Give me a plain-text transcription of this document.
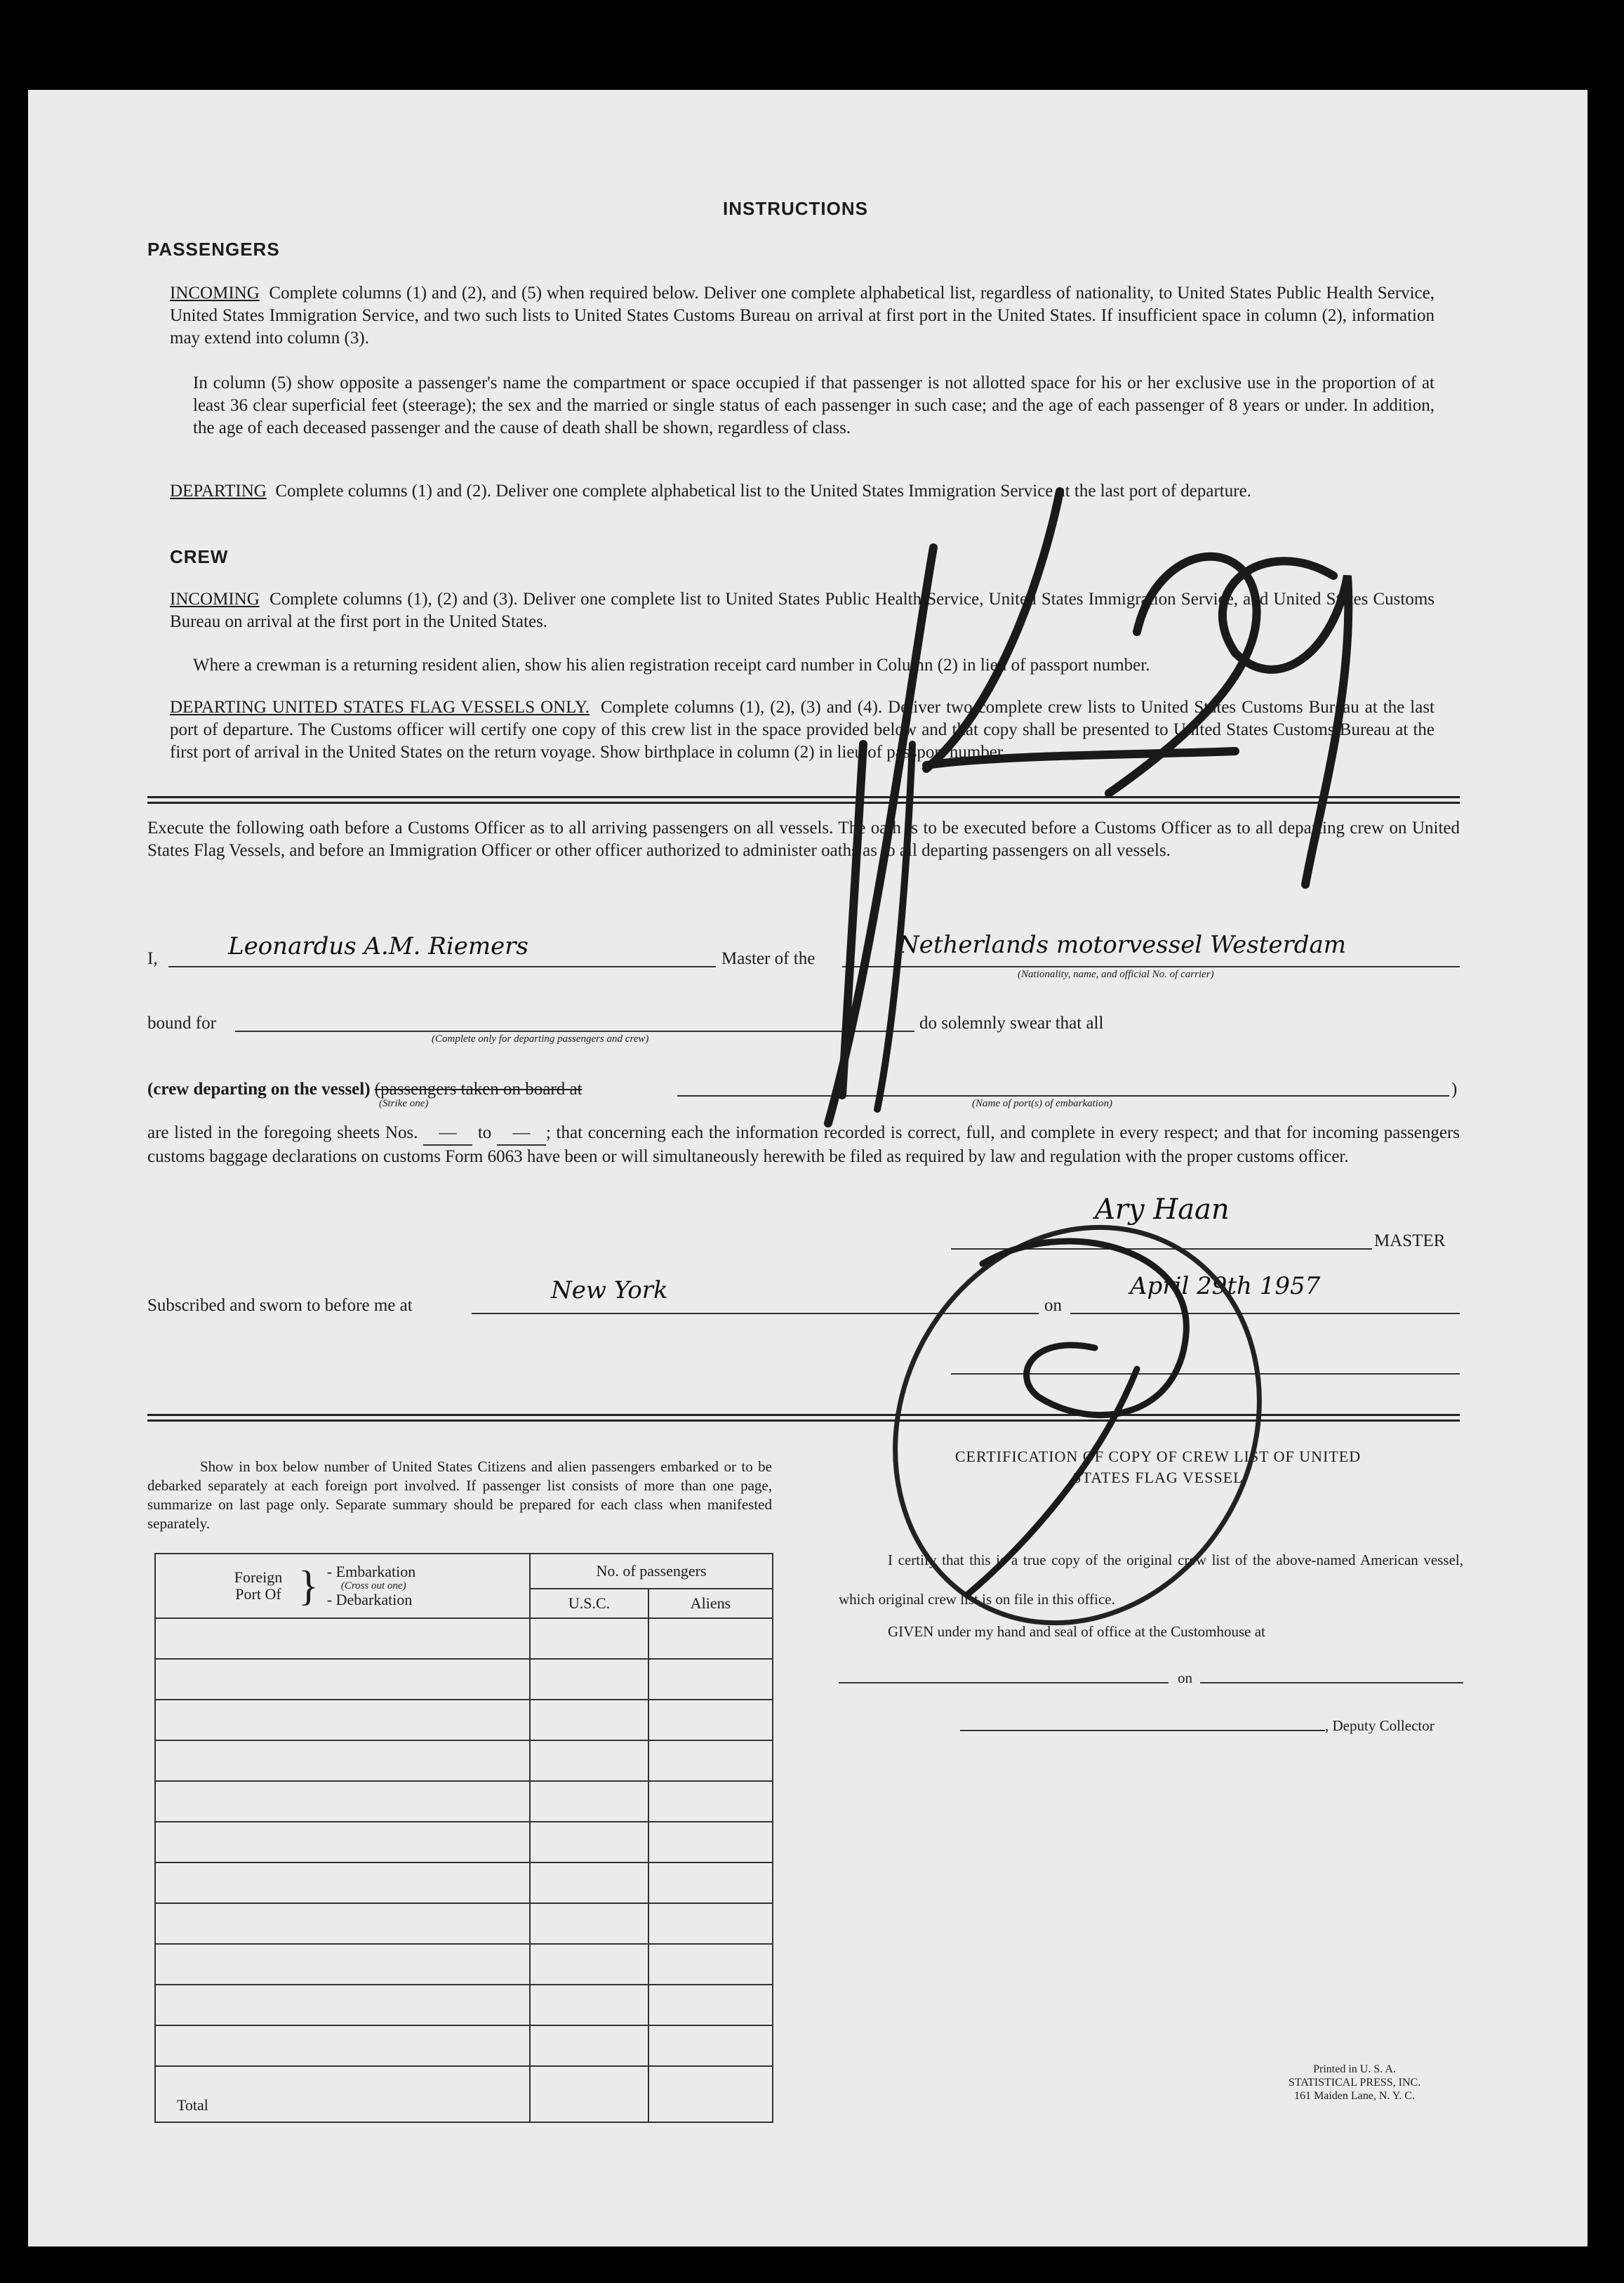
INSTRUCTIONS
PASSENGERS
INCOMING Complete columns (1) and (2), and (5) when required below. Deliver one complete alphabetical list, regardless of nationality, to United States Public Health Service, United States Immigration Service, and two such lists to United States Customs Bureau on arrival at first port in the United States. If insufficient space in column (2), information may extend into column (3).
In column (5) show opposite a passenger's name the compartment or space occupied if that passenger is not allotted space for his or her exclusive use in the proportion of at least 36 clear superficial feet (steerage); the sex and the married or single status of each passenger in such case; and the age of each passenger of 8 years or under. In addition, the age of each deceased passenger and the cause of death shall be shown, regardless of class.
DEPARTING Complete columns (1) and (2). Deliver one complete alphabetical list to the United States Immigration Service at the last port of departure.
CREW
INCOMING Complete columns (1), (2) and (3). Deliver one complete list to United States Public Health Service, United States Immigration Service, and United States Customs Bureau on arrival at the first port in the United States.
Where a crewman is a returning resident alien, show his alien registration receipt card number in Column (2) in lieu of passport number.
DEPARTING UNITED STATES FLAG VESSELS ONLY. Complete columns (1), (2), (3) and (4). Deliver two complete crew lists to United States Customs Bureau at the last port of departure. The Customs officer will certify one copy of this crew list in the space provided below and that copy shall be presented to United States Customs Bureau at the first port of arrival in the United States on the return voyage. Show birthplace in column (2) in lieu of passport number.
Execute the following oath before a Customs Officer as to all arriving passengers on all vessels. The oath is to be executed before a Customs Officer as to all departing crew on United States Flag Vessels, and before an Immigration Officer or other officer authorized to administer oaths as to all departing passengers on all vessels.
I,	Leonardus A.M. Riemers	Master of the	Netherlands motorvessel Westerdam
(Nationality, name, and official No. of carrier)
bound for
(Complete only for departing passengers and crew)
do solemnly swear that all
(crew departing on the vessel) (passengers taken on board at	)
(Strike one)	(Name of port(s) of embarkation)
are listed in the foregoing sheets Nos. — to — ; that concerning each the information recorded is correct, full, and complete in every respect; and that for incoming passengers customs baggage declarations on customs Form 6063 have been or will simultaneously herewith be filed as required by law and regulation with the proper customs officer.
Ary Haan
MASTER
Subscribed and sworn to before me at
New York
on
April 29th 1957
Show in box below number of United States Citizens and alien passengers embarked or to be debarked separately at each foreign port involved. If passenger list consists of more than one page, summarize on last page only. Separate summary should be prepared for each class when manifested separately.
Foreign Port Of } - Embarkation
(Cross out one)
- Debarkation	No. of passengers	
	U.S.C.	Aliens

Total		
CERTIFICATION OF COPY OF CREW LIST OF UNITED STATES FLAG VESSEL
I certify that this is a true copy of the original crew list of the above-named American vessel, which original crew list is on file in this office.
GIVEN under my hand and seal of office at the Customhouse at
on
, Deputy Collector
Printed in U. S. A.
STATISTICAL PRESS, INC.
161 Maiden Lane, N. Y. C.
4/29
9
